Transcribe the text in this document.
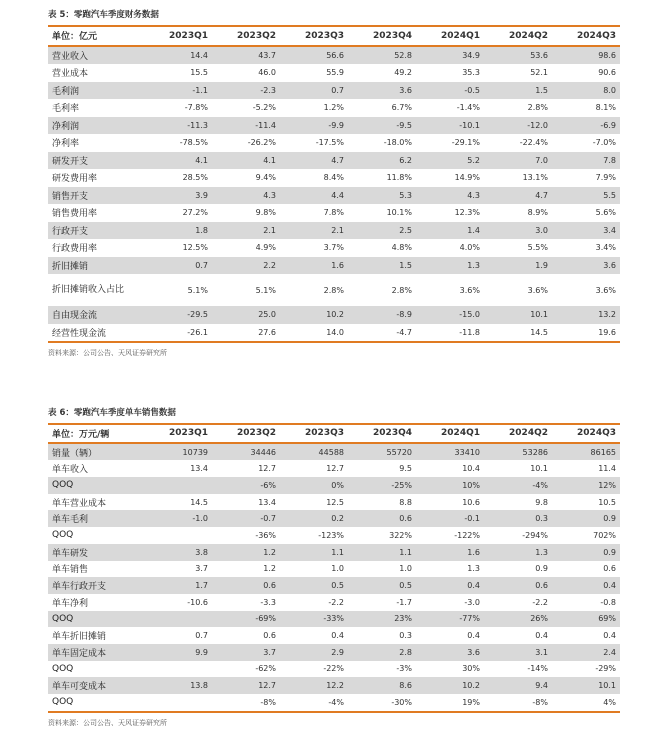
表 5：零跑汽车季度财务数据
单位：亿元	2023Q1	2023Q2	2023Q3	2023Q4	2024Q1	2024Q2	2024Q3
营业收入	14.4	43.7	56.6	52.8	34.9	53.6	98.6
营业成本	15.5	46.0	55.9	49.2	35.3	52.1	90.6
毛利润	-1.1	-2.3	0.7	3.6	-0.5	1.5	8.0
毛利率	-7.8%	-5.2%	1.2%	6.7%	-1.4%	2.8%	8.1%
净利润	-11.3	-11.4	-9.9	-9.5	-10.1	-12.0	-6.9
净利率	-78.5%	-26.2%	-17.5%	-18.0%	-29.1%	-22.4%	-7.0%
研发开支	4.1	4.1	4.7	6.2	5.2	7.0	7.8
研发费用率	28.5%	9.4%	8.4%	11.8%	14.9%	13.1%	7.9%
销售开支	3.9	4.3	4.4	5.3	4.3	4.7	5.5
销售费用率	27.2%	9.8%	7.8%	10.1%	12.3%	8.9%	5.6%
行政开支	1.8	2.1	2.1	2.5	1.4	3.0	3.4
行政费用率	12.5%	4.9%	3.7%	4.8%	4.0%	5.5%	3.4%
折旧摊销	0.7	2.2	1.6	1.5	1.3	1.9	3.6
折旧摊销收入占比	5.1%	5.1%	2.8%	2.8%	3.6%	3.6%	3.6%
自由现金流	-29.5	25.0	10.2	-8.9	-15.0	10.1	13.2
经营性现金流	-26.1	27.6	14.0	-4.7	-11.8	14.5	19.6
资料来源：公司公告、天风证券研究所
表 6：零跑汽车季度单车销售数据
单位：万元/辆	2023Q1	2023Q2	2023Q3	2023Q4	2024Q1	2024Q2	2024Q3
销量（辆）	10739	34446	44588	55720	33410	53286	86165
单车收入	13.4	12.7	12.7	9.5	10.4	10.1	11.4
QOQ		-6%	0%	-25%	10%	-4%	12%
单车营业成本	14.5	13.4	12.5	8.8	10.6	9.8	10.5
单车毛利	-1.0	-0.7	0.2	0.6	-0.1	0.3	0.9
QOQ		-36%	-123%	322%	-122%	-294%	702%
单车研发	3.8	1.2	1.1	1.1	1.6	1.3	0.9
单车销售	3.7	1.2	1.0	1.0	1.3	0.9	0.6
单车行政开支	1.7	0.6	0.5	0.5	0.4	0.6	0.4
单车净利	-10.6	-3.3	-2.2	-1.7	-3.0	-2.2	-0.8
QOQ		-69%	-33%	23%	-77%	26%	69%
单车折旧摊销	0.7	0.6	0.4	0.3	0.4	0.4	0.4
单车固定成本	9.9	3.7	2.9	2.8	3.6	3.1	2.4
QOQ		-62%	-22%	-3%	30%	-14%	-29%
单车可变成本	13.8	12.7	12.2	8.6	10.2	9.4	10.1
QOQ		-8%	-4%	-30%	19%	-8%	4%
资料来源：公司公告、天风证券研究所
